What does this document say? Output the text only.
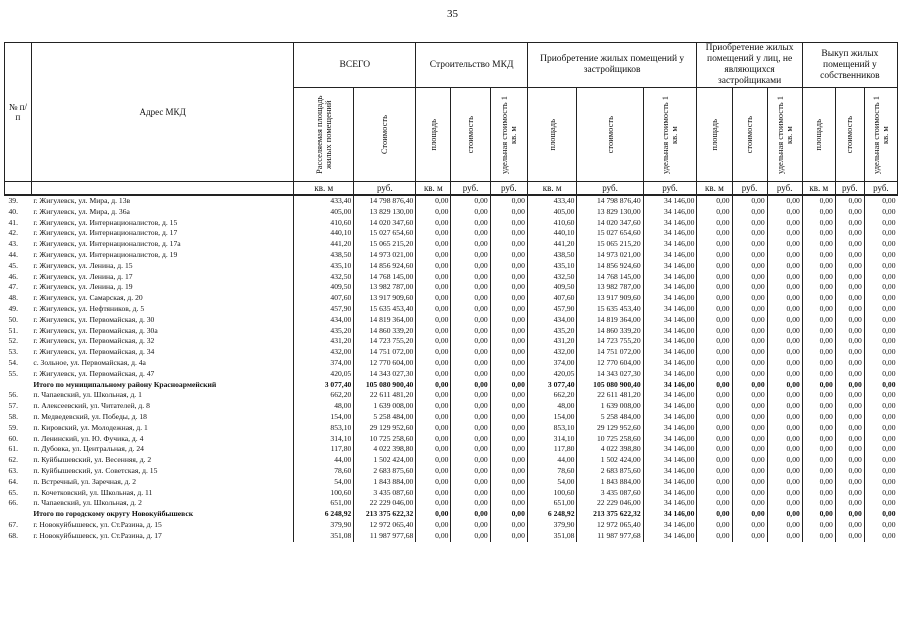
35
№ п/п	Адрес МКД	ВСЕГО		Строительство МКД			Приобретение жилых помещений у застройщиков			Приобретение жилых помещений у лиц, не являющихся застройщиками			Выкуп жилых помещений у собственников		

		Расселяемая площадь жилых помещений	Стоимость	площадь	стоимость	удельная стоимость 1 кв. м	площадь	стоимость	удельная стоимость 1 кв. м	площадь	стоимость	удельная стоимость 1 кв. м	площадь	стоимость	удельная стоимость 1 кв. м

		кв. м	руб.	кв. м	руб.	руб.	кв. м	руб.	руб.	кв. м	руб.	руб.	кв. м	руб.	руб.
39.	г. Жигулевск, ул. Мира, д. 13в	433,40	14 798 876,40	0,00	0,00	0,00	433,40	14 798 876,40	34 146,00	0,00	0,00	0,00	0,00	0,00	0,00
40.	г. Жигулевск, ул. Мира, д. 36а	405,00	13 829 130,00	0,00	0,00	0,00	405,00	13 829 130,00	34 146,00	0,00	0,00	0,00	0,00	0,00	0,00
41.	г. Жигулевск, ул. Интернационалистов, д. 15	410,60	14 020 347,60	0,00	0,00	0,00	410,60	14 020 347,60	34 146,00	0,00	0,00	0,00	0,00	0,00	0,00
42.	г. Жигулевск, ул. Интернационалистов, д. 17	440,10	15 027 654,60	0,00	0,00	0,00	440,10	15 027 654,60	34 146,00	0,00	0,00	0,00	0,00	0,00	0,00
43.	г. Жигулевск, ул. Интернационалистов, д. 17а	441,20	15 065 215,20	0,00	0,00	0,00	441,20	15 065 215,20	34 146,00	0,00	0,00	0,00	0,00	0,00	0,00
44.	г. Жигулевск, ул. Интернационалистов, д. 19	438,50	14 973 021,00	0,00	0,00	0,00	438,50	14 973 021,00	34 146,00	0,00	0,00	0,00	0,00	0,00	0,00
45.	г. Жигулевск, ул. Ленина, д. 15	435,10	14 856 924,60	0,00	0,00	0,00	435,10	14 856 924,60	34 146,00	0,00	0,00	0,00	0,00	0,00	0,00
46.	г. Жигулевск, ул. Ленина, д. 17	432,50	14 768 145,00	0,00	0,00	0,00	432,50	14 768 145,00	34 146,00	0,00	0,00	0,00	0,00	0,00	0,00
47.	г. Жигулевск, ул. Ленина, д. 19	409,50	13 982 787,00	0,00	0,00	0,00	409,50	13 982 787,00	34 146,00	0,00	0,00	0,00	0,00	0,00	0,00
48.	г. Жигулевск, ул. Самарская, д. 20	407,60	13 917 909,60	0,00	0,00	0,00	407,60	13 917 909,60	34 146,00	0,00	0,00	0,00	0,00	0,00	0,00
49.	г. Жигулевск, ул. Нефтяников, д. 5	457,90	15 635 453,40	0,00	0,00	0,00	457,90	15 635 453,40	34 146,00	0,00	0,00	0,00	0,00	0,00	0,00
50.	г. Жигулевск, ул. Первомайская, д. 30	434,00	14 819 364,00	0,00	0,00	0,00	434,00	14 819 364,00	34 146,00	0,00	0,00	0,00	0,00	0,00	0,00
51.	г. Жигулевск, ул. Первомайская, д. 30а	435,20	14 860 339,20	0,00	0,00	0,00	435,20	14 860 339,20	34 146,00	0,00	0,00	0,00	0,00	0,00	0,00
52.	г. Жигулевск, ул. Первомайская, д. 32	431,20	14 723 755,20	0,00	0,00	0,00	431,20	14 723 755,20	34 146,00	0,00	0,00	0,00	0,00	0,00	0,00
53.	г. Жигулевск, ул. Первомайская, д. 34	432,00	14 751 072,00	0,00	0,00	0,00	432,00	14 751 072,00	34 146,00	0,00	0,00	0,00	0,00	0,00	0,00
54.	с. Зольное, ул. Первомайская, д. 4а	374,00	12 770 604,00	0,00	0,00	0,00	374,00	12 770 604,00	34 146,00	0,00	0,00	0,00	0,00	0,00	0,00
55.	г. Жигулевск, ул. Первомайская, д. 47	420,05	14 343 027,30	0,00	0,00	0,00	420,05	14 343 027,30	34 146,00	0,00	0,00	0,00	0,00	0,00	0,00
	Итого по муниципальному району Красноармейский	3 077,40	105 080 900,40	0,00	0,00	0,00	3 077,40	105 080 900,40	34 146,00	0,00	0,00	0,00	0,00	0,00	0,00
56.	п. Чапаевский, ул. Школьная, д. 1	662,20	22 611 481,20	0,00	0,00	0,00	662,20	22 611 481,20	34 146,00	0,00	0,00	0,00	0,00	0,00	0,00
57.	п. Алексеевский, ул. Читателей, д. 8	48,00	1 639 008,00	0,00	0,00	0,00	48,00	1 639 008,00	34 146,00	0,00	0,00	0,00	0,00	0,00	0,00
58.	п. Медведевский, ул. Победы, д. 18	154,00	5 258 484,00	0,00	0,00	0,00	154,00	5 258 484,00	34 146,00	0,00	0,00	0,00	0,00	0,00	0,00
59.	п. Кировский, ул. Молодежная, д. 1	853,10	29 129 952,60	0,00	0,00	0,00	853,10	29 129 952,60	34 146,00	0,00	0,00	0,00	0,00	0,00	0,00
60.	п. Ленинский, ул. Ю. Фучика, д. 4	314,10	10 725 258,60	0,00	0,00	0,00	314,10	10 725 258,60	34 146,00	0,00	0,00	0,00	0,00	0,00	0,00
61.	п. Дубовка, ул. Центральная, д. 24	117,80	4 022 398,80	0,00	0,00	0,00	117,80	4 022 398,80	34 146,00	0,00	0,00	0,00	0,00	0,00	0,00
62.	п. Куйбышевский, ул. Весенняя, д. 2	44,00	1 502 424,00	0,00	0,00	0,00	44,00	1 502 424,00	34 146,00	0,00	0,00	0,00	0,00	0,00	0,00
63.	п. Куйбышевский, ул. Советская, д. 15	78,60	2 683 875,60	0,00	0,00	0,00	78,60	2 683 875,60	34 146,00	0,00	0,00	0,00	0,00	0,00	0,00
64.	п. Встречный, ул. Заречная, д. 2	54,00	1 843 884,00	0,00	0,00	0,00	54,00	1 843 884,00	34 146,00	0,00	0,00	0,00	0,00	0,00	0,00
65.	п. Кочетковский, ул. Школьная, д. 11	100,60	3 435 087,60	0,00	0,00	0,00	100,60	3 435 087,60	34 146,00	0,00	0,00	0,00	0,00	0,00	0,00
66.	п. Чапаевский, ул. Школьная, д. 2	651,00	22 229 046,00	0,00	0,00	0,00	651,00	22 229 046,00	34 146,00	0,00	0,00	0,00	0,00	0,00	0,00
	Итого по городскому округу Новокуйбышевск	6 248,92	213 375 622,32	0,00	0,00	0,00	6 248,92	213 375 622,32	34 146,00	0,00	0,00	0,00	0,00	0,00	0,00
67.	г. Новокуйбышевск, ул. Ст.Разина, д. 15	379,90	12 972 065,40	0,00	0,00	0,00	379,90	12 972 065,40	34 146,00	0,00	0,00	0,00	0,00	0,00	0,00
68.	г. Новокуйбышевск, ул. Ст.Разина, д. 17	351,08	11 987 977,68	0,00	0,00	0,00	351,08	11 987 977,68	34 146,00	0,00	0,00	0,00	0,00	0,00	0,00
